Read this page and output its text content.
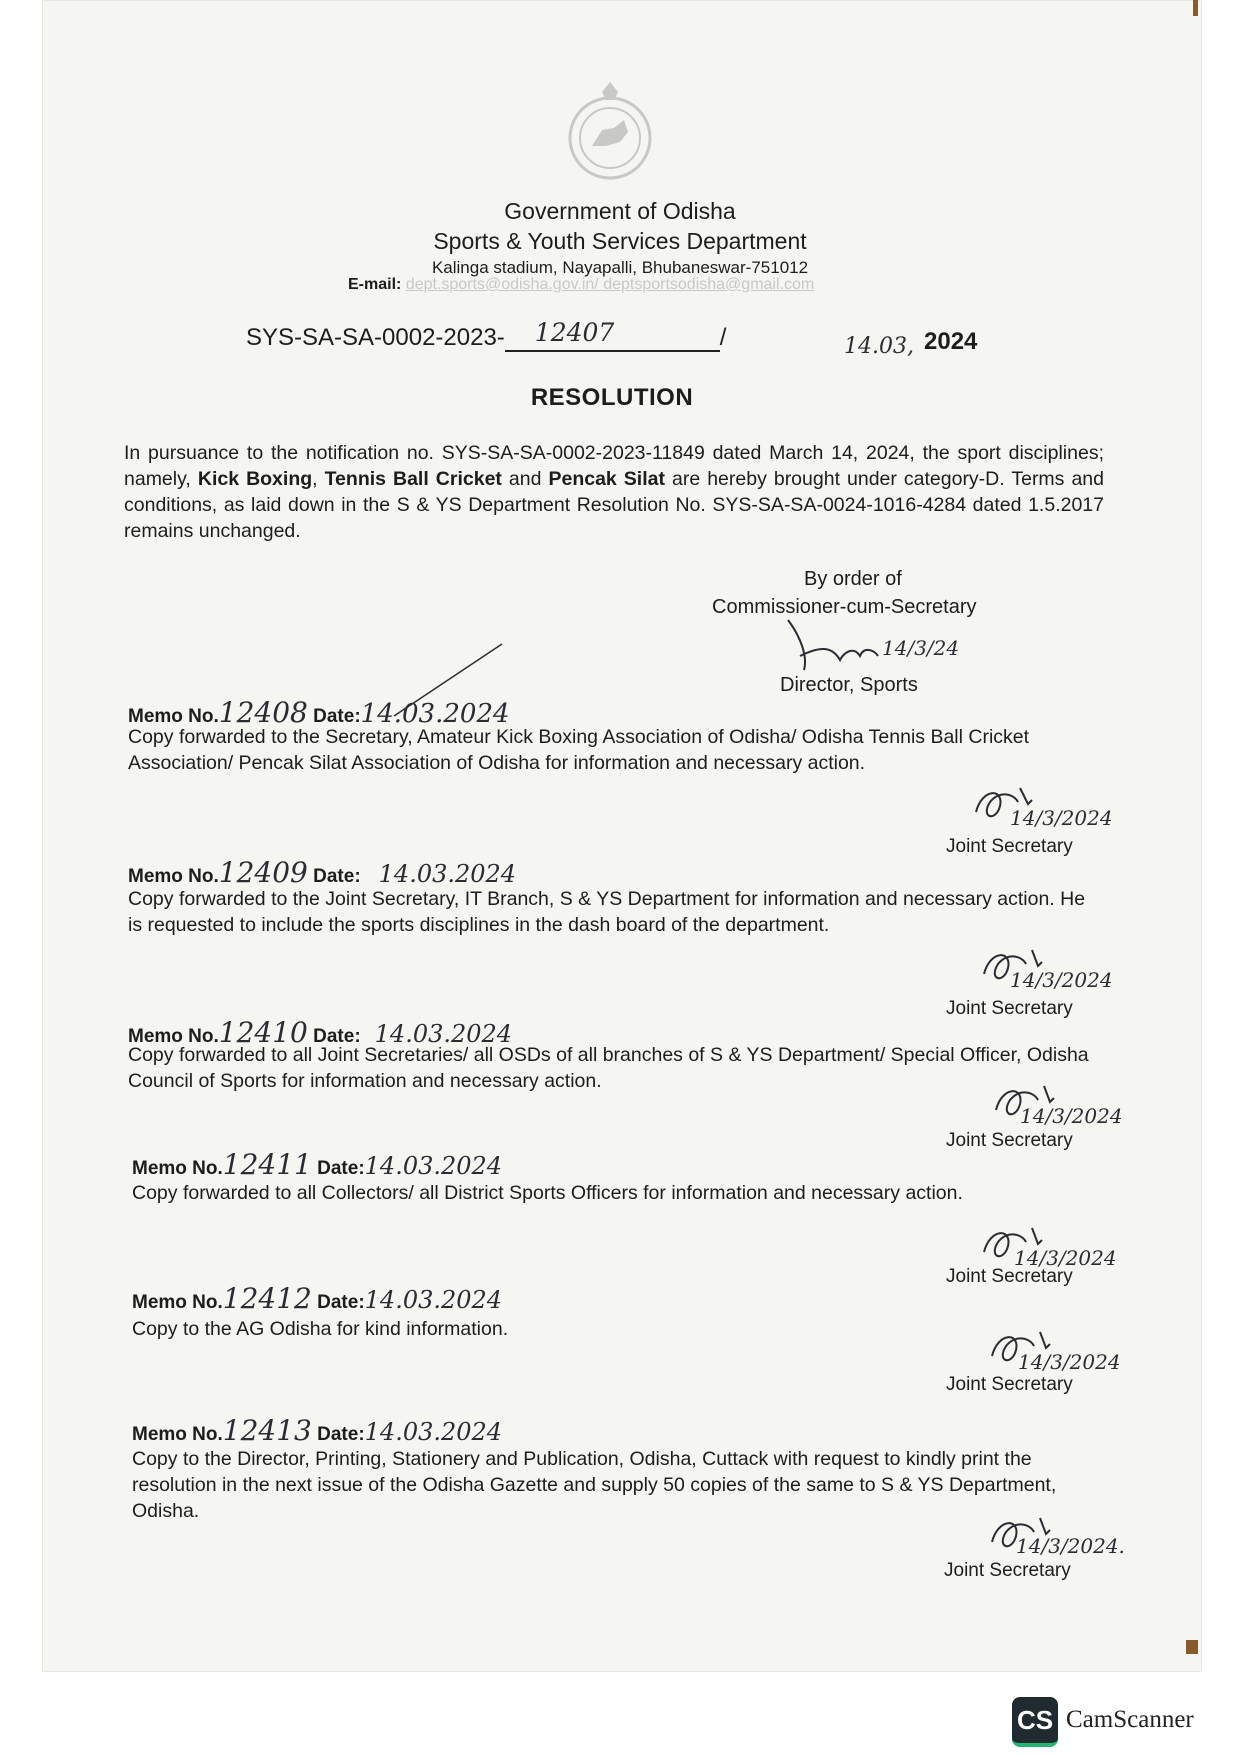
Government of Odisha
Sports & Youth Services Department
Kalinga stadium, Nayapalli, Bhubaneswar-751012
E-mail: dept.sports@odisha.gov.in/ deptsportsodisha@gmail.com
SYS-SA-SA-0002-2023- 12407	/	14.03, 2024
RESOLUTION
In pursuance to the notification no. SYS-SA-SA-0002-2023-11849 dated March 14, 2024, the sport disciplines; namely, Kick Boxing, Tennis Ball Cricket and Pencak Silat are hereby brought under category-D. Terms and conditions, as laid down in the S & YS Department Resolution No. SYS-SA-SA-0024-1016-4284 dated 1.5.2017 remains unchanged.
By order of
Commissioner-cum-Secretary
14/3/24
Director, Sports
Memo No.12408 Date:14.03.2024
Copy forwarded to the Secretary, Amateur Kick Boxing Association of Odisha/ Odisha Tennis Ball Cricket Association/ Pencak Silat Association of Odisha for information and necessary action.
14/3/2024
Joint Secretary
Memo No.12409 Date: 14.03.2024
Copy forwarded to the Joint Secretary, IT Branch, S & YS Department for information and necessary action. He is requested to include the sports disciplines in the dash board of the department.
14/3/2024
Joint Secretary
Memo No.12410 Date: 14.03.2024
Copy forwarded to all Joint Secretaries/ all OSDs of all branches of S & YS Department/ Special Officer, Odisha Council of Sports for information and necessary action.
14/3/2024
Joint Secretary
Memo No.12411 Date:14.03.2024
Copy forwarded to all Collectors/ all District Sports Officers for information and necessary action.
14/3/2024
Joint Secretary
Memo No.12412 Date:14.03.2024
Copy to the AG Odisha for kind information.
14/3/2024
Joint Secretary
Memo No.12413 Date:14.03.2024
Copy to the Director, Printing, Stationery and Publication, Odisha, Cuttack with request to kindly print the resolution in the next issue of the Odisha Gazette and supply 50 copies of the same to S & YS Department, Odisha.
14/3/2024.
Joint Secretary
CS CamScanner
